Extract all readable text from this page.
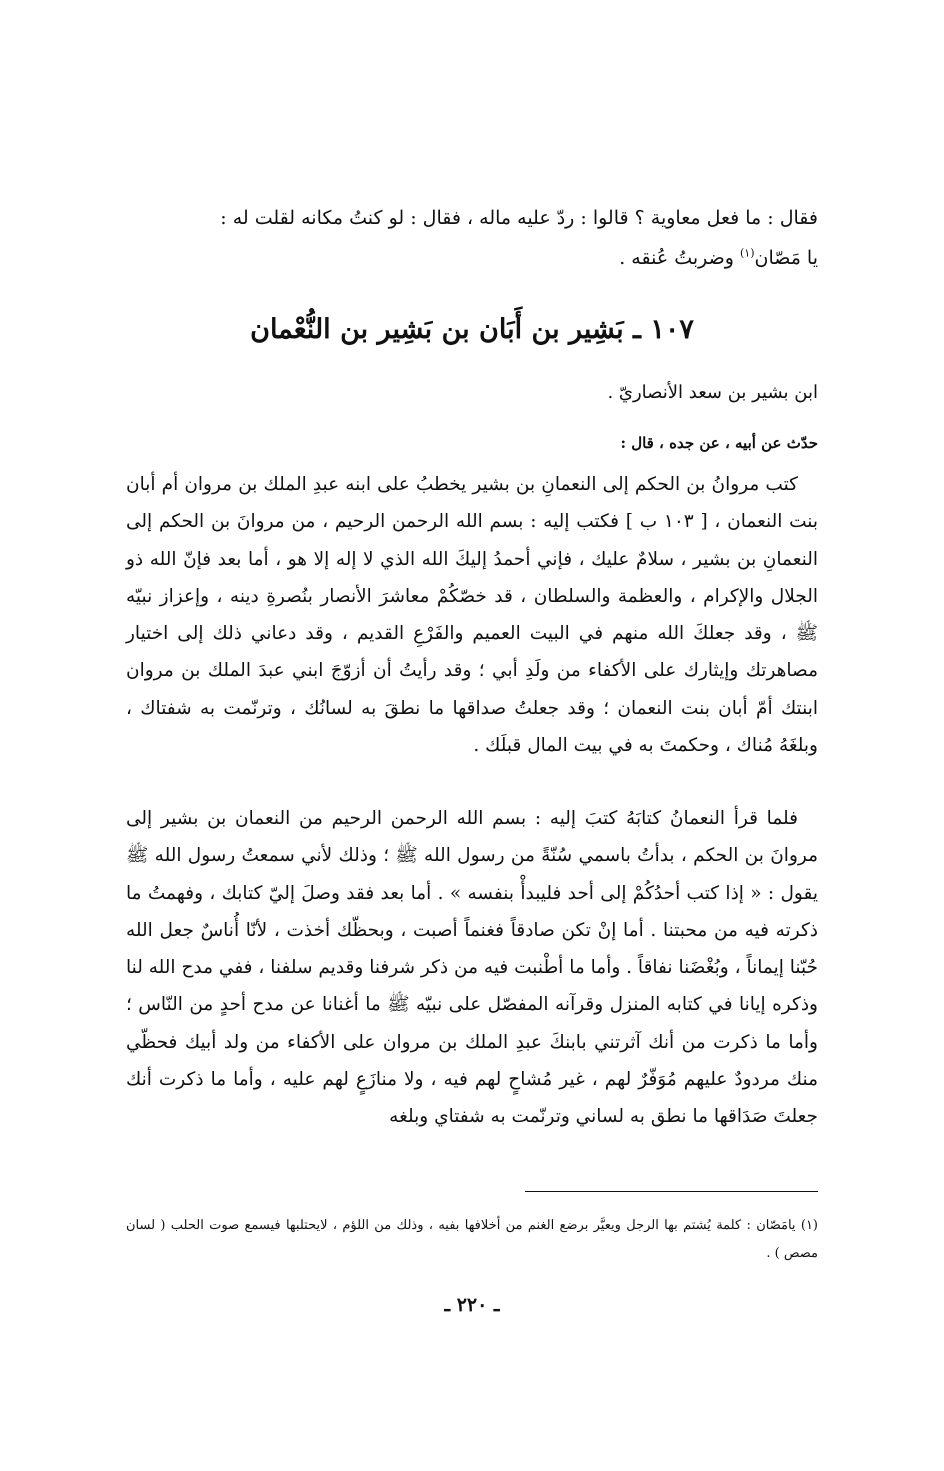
فقال : ما فعل معاوية ؟ قالوا : ردّ عليه ماله ، فقال : لو كنتُ مكانه لقلت له :
يا مَصّان$^{(١)}$ وضربتُ عُنقه .
١٠٧ ـ بَشِير بن أَبَان بن بَشِير بن النُّعْمان
ابن بشير بن سعد الأنصاريّ .
حدّث عن أبيه ، عن جده ، قال :
كتب مروانُ بن الحكم إلى النعمانِ بن بشير يخطبُ على ابنه عبدِ الملك بن مروان أم أبان بنت النعمان ، [ ١٠٣ ب ] فكتب إليه : بسم الله الرحمن الرحيم ، من مروانَ بن الحكم إلى النعمانِ بن بشير ، سلامٌ عليك ، فإني أحمدُ إليكَ الله الذي لا إله إلا هو ، أما بعد فإنّ الله ذو الجلال والإكرام ، والعظمة والسلطان ، قد خصّكُمْ معاشرَ الأنصار بنُصرةِ دينه ، وإعزاز نبيّه ﷺ ، وقد جعلكَ الله منهم في البيت العميم والفَرْعِ القديم ، وقد دعاني ذلك إلى اختيار مصاهرتك وإيثارك على الأكفاء من ولَدِ أبي ؛ وقد رأيتُ أن أزوّجَ ابني عبدَ الملك بن مروان ابنتك أمّ أبان بنت النعمان ؛ وقد جعلتُ صداقها ما نطقَ به لسانُك ، وترنّمت به شفتاك ، وبلغَهُ مُناك ، وحكمتَ به في بيت المال قبلَك .
فلما قرأ النعمانُ كتابَهُ كتبَ إليه : بسم الله الرحمن الرحيم من النعمان بن بشير إلى مروانَ بن الحكم ، بدأتُ باسمي سُنّةً من رسول الله ﷺ ؛ وذلك لأني سمعتُ رسول الله ﷺ يقول : « إذا كتب أحدُكُمْ إلى أحد فليبدأْ بنفسه » . أما بعد فقد وصلَ إليّ كتابك ، وفهمتُ ما ذكرته فيه من محبتنا . أما إنْ تكن صادقاً فغنماً أصبت ، وبحظّك أخذت ، لأنّا أُناسٌ جعل الله حُبّنا إيماناً ، وبُغْضَنا نفاقاً . وأما ما أطْنبت فيه من ذكر شرفنا وقديم سلفنا ، ففي مدح الله لنا وذكره إيانا في كتابه المنزل وقرآنه المفصّل على نبيّه ﷺ ما أغنانا عن مدح أحدٍ من النّاس ؛ وأما ما ذكرت من أنك آثرتني بابنكَ عبدِ الملك بن مروان على الأكفاء من ولد أبيك فحظّي منك مردودٌ عليهم مُوَفّرٌ لهم ، غير مُشاحٍ لهم فيه ، ولا منازَعٍ لهم عليه ، وأما ما ذكرت أنك جعلتَ صَدَاقها ما نطق به لساني وترنّمت به شفتاي وبلغه
(١) يامَصّان : كلمة يُشتم بها الرجل ويعيَّر برضع الغنم من أخلافها بفيه ، وذلك من اللؤم ، لايحتلبها فيسمع صوت الحلب ( لسان مصص ) .
ـ ٢٢٠ ـ
